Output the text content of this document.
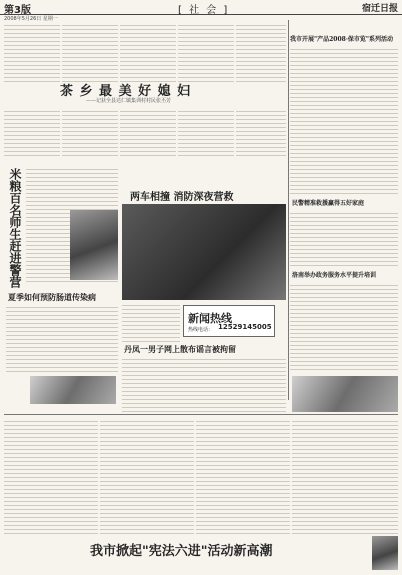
第3版	[ 社 会 ]	宿迁日报
2008年5月26日 星期一
茶 乡 最 美 好 媳 妇
——记获全县达仁镇集训村村民张丕芳
我市开展"产品2008·保市览"系列活动
米粮百名师生赶进警营	两车相撞 消防深夜营救
新闻热线
热线电话： 12529145005
民警精准救援赢得五好家庭
洛南举办政务服务水平提升培训
夏季如何预防肠道传染病
丹凤一男子网上散布谣言被拘留
我市掀起"宪法六进"活动新高潮
